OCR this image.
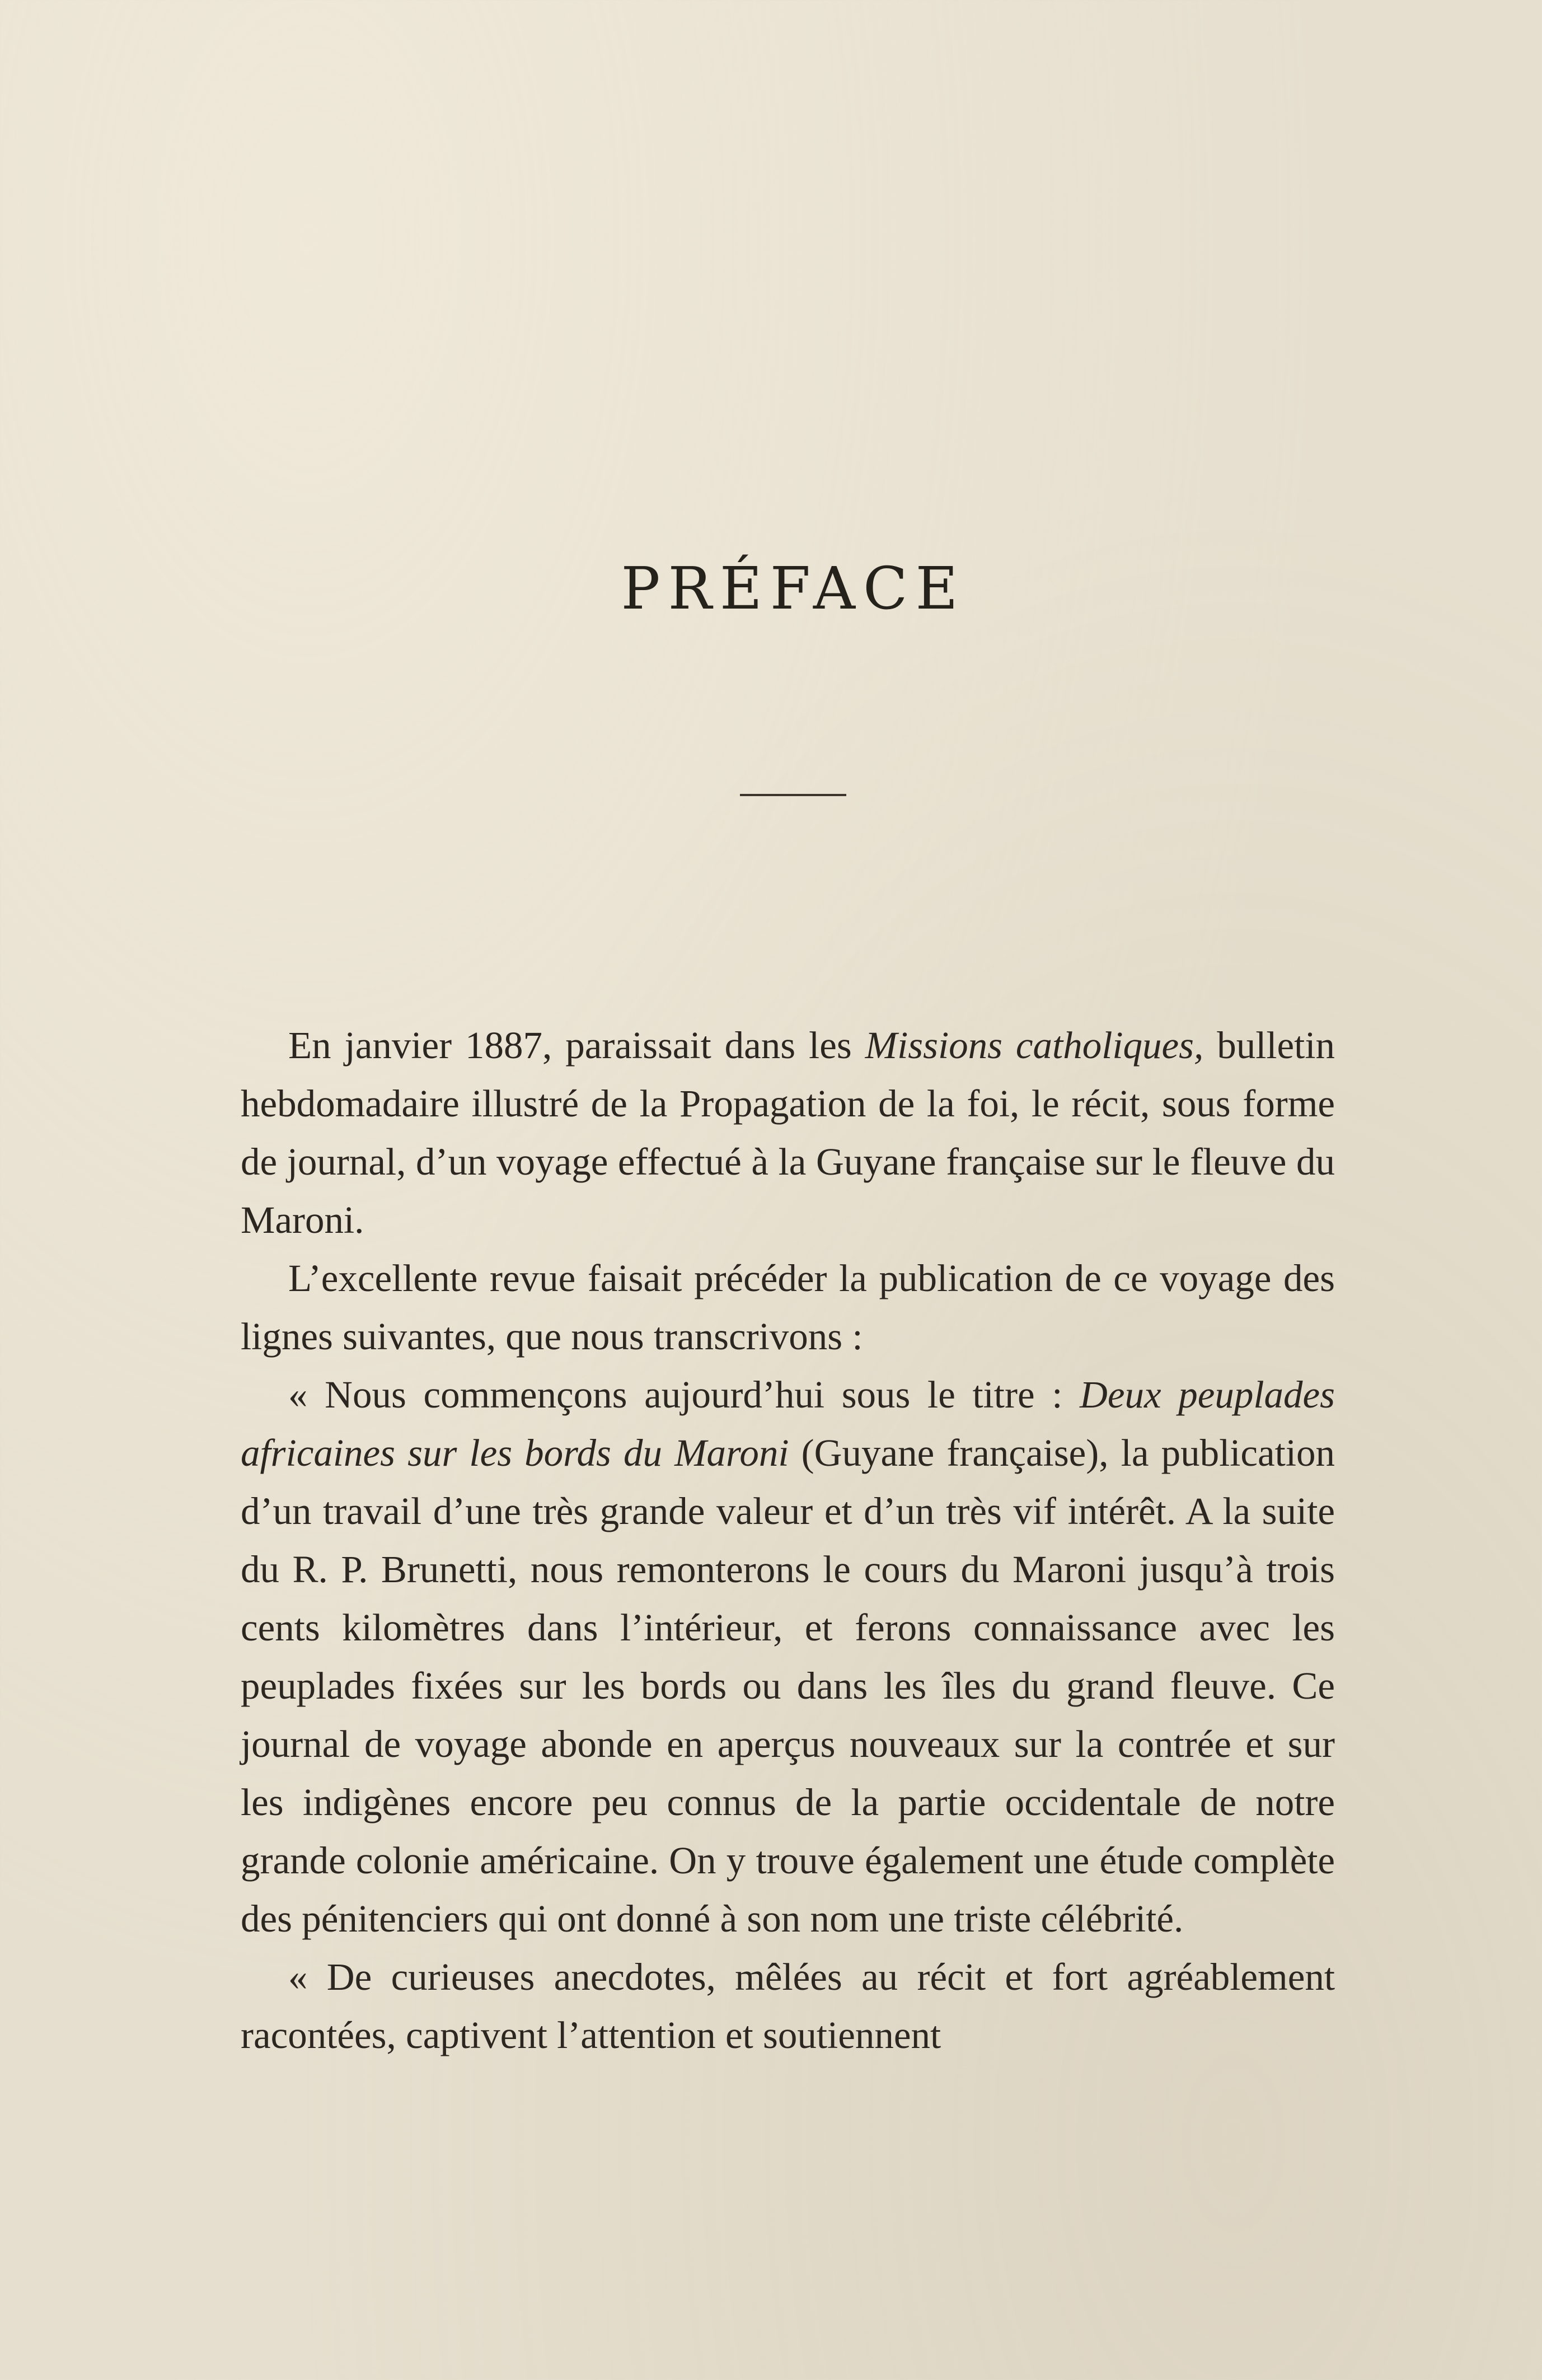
PRÉFACE

En janvier 1887, paraissait dans les Missions catholiques, bulletin hebdomadaire illustré de la Propagation de la foi, le récit, sous forme de journal, d’un voyage effectué à la Guyane française sur le fleuve du Maroni.

L’excellente revue faisait précéder la publication de ce voyage des lignes suivantes, que nous transcrivons :

« Nous commençons aujourd’hui sous le titre : Deux peuplades africaines sur les bords du Maroni (Guyane française), la publication d’un travail d’une très grande valeur et d’un très vif intérêt. A la suite du R. P. Brunetti, nous remonterons le cours du Maroni jusqu’à trois cents kilomètres dans l’intérieur, et ferons connaissance avec les peuplades fixées sur les bords ou dans les îles du grand fleuve. Ce journal de voyage abonde en aperçus nouveaux sur la contrée et sur les indigènes encore peu connus de la partie occidentale de notre grande colonie américaine. On y trouve également une étude complète des pénitenciers qui ont donné à son nom une triste célébrité.

« De curieuses anecdotes, mêlées au récit et fort agréablement racontées, captivent l’attention et soutiennent
